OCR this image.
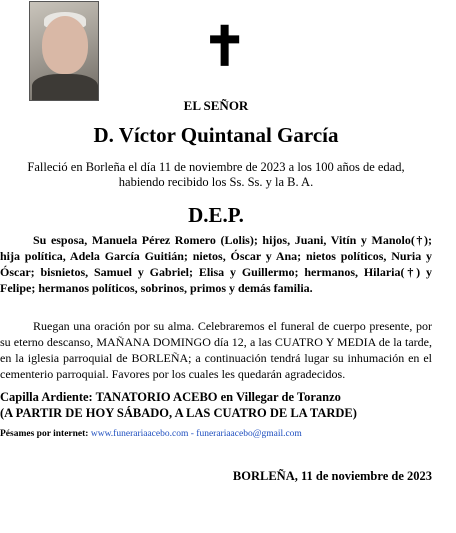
✝
EL SEÑOR
D. Víctor Quintanal García
Falleció en Borleña el día 11 de noviembre de 2023 a los 100 años de edad,
habiendo recibido los Ss. Ss. y la B. A.
D.E.P.
Su esposa, Manuela Pérez Romero (Lolis); hijos, Juani, Vitín y Manolo(†); hija política, Adela García Guitián; nietos, Óscar y Ana; nietos políticos, Nuria y Óscar; bisnietos, Samuel y Gabriel; Elisa y Guillermo; hermanos, Hilaria(†) y Felipe; hermanos políticos, sobrinos, primos y demás familia.
Ruegan una oración por su alma. Celebraremos el funeral de cuerpo presente, por su eterno descanso, MAÑANA DOMINGO día 12, a las CUATRO Y MEDIA de la tarde, en la iglesia parroquial de BORLEÑA; a continuación tendrá lugar su inhumación en el cementerio parroquial. Favores por los cuales les quedarán agradecidos.
Capilla Ardiente: TANATORIO ACEBO en Villegar de Toranzo
(A PARTIR DE HOY SÁBADO, A LAS CUATRO DE LA TARDE)
Pésames por internet: www.funerariaacebo.com - funerariaacebo@gmail.com
BORLEÑA, 11 de noviembre de 2023
